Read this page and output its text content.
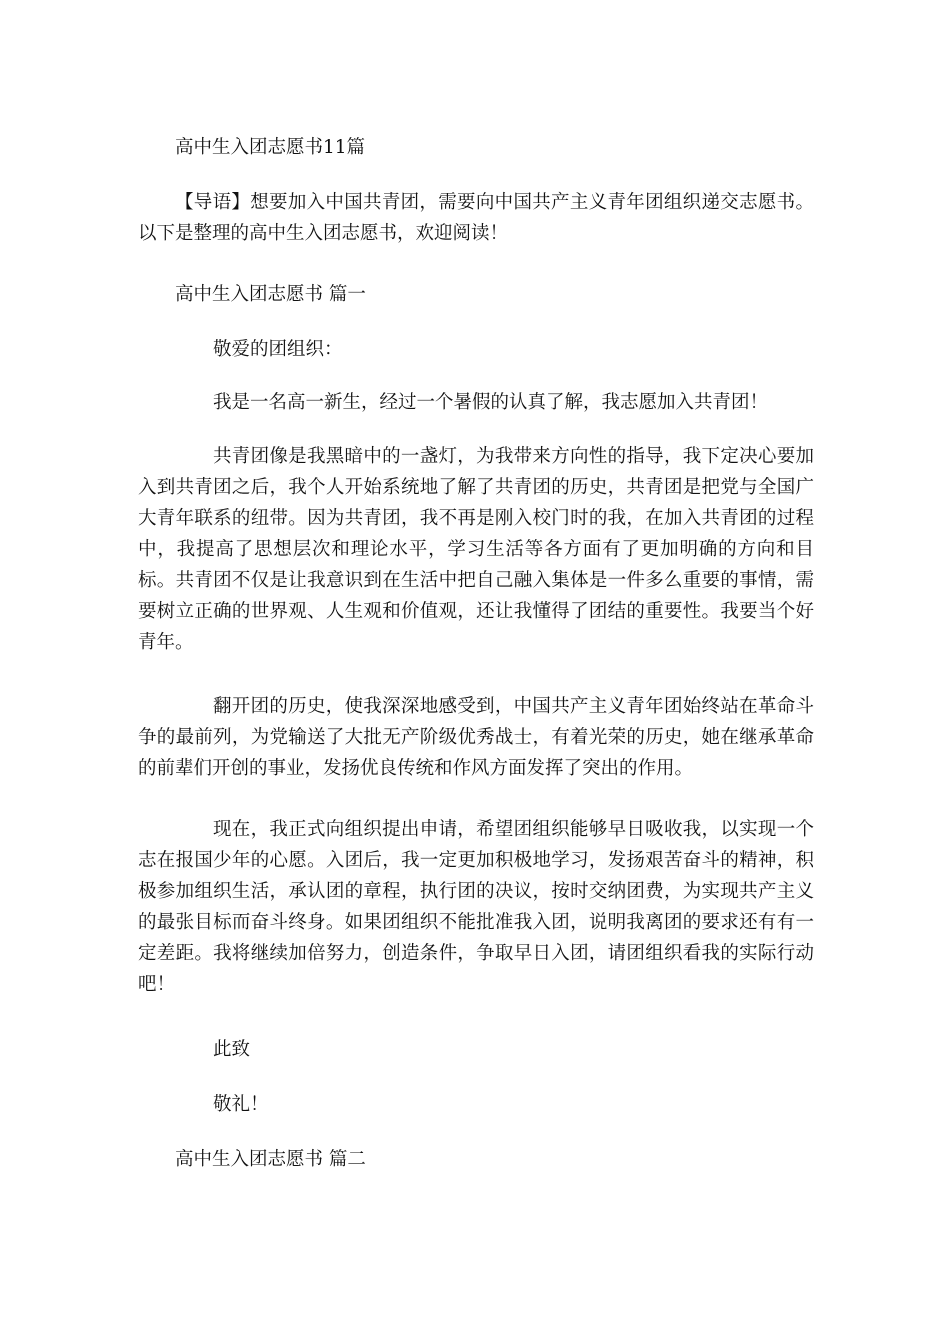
高中生入团志愿书11篇

【导语】想要加入中国共青团，需要向中国共产主义青年团组织递交志愿书。以下是整理的高中生入团志愿书，欢迎阅读！

高中生入团志愿书 篇一
敬爱的团组织：

我是一名高一新生，经过一个暑假的认真了解，我志愿加入共青团！

共青团像是我黑暗中的一盏灯，为我带来方向性的指导，我下定决心要加入到共青团之后，我个人开始系统地了解了共青团的历史，共青团是把党与全国广大青年联系的纽带。因为共青团，我不再是刚入校门时的我，在加入共青团的过程中，我提高了思想层次和理论水平，学习生活等各方面有了更加明确的方向和目标。共青团不仅是让我意识到在生活中把自己融入集体是一件多么重要的事情，需要树立正确的世界观、人生观和价值观，还让我懂得了团结的重要性。我要当个好青年。

翻开团的历史，使我深深地感受到，中国共产主义青年团始终站在革命斗争的最前列，为党输送了大批无产阶级优秀战士，有着光荣的历史，她在继承革命的前辈们开创的事业，发扬优良传统和作风方面发挥了突出的作用。

现在，我正式向组织提出申请，希望团组织能够早日吸收我，以实现一个志在报国少年的心愿。入团后，我一定更加积极地学习，发扬艰苦奋斗的精神，积极参加组织生活，承认团的章程，执行团的决议，按时交纳团费，为实现共产主义的最张目标而奋斗终身。如果团组织不能批准我入团，说明我离团的要求还有有一定差距。我将继续加倍努力，创造条件，争取早日入团，请团组织看我的实际行动吧！

此致
敬礼！
高中生入团志愿书 篇二
